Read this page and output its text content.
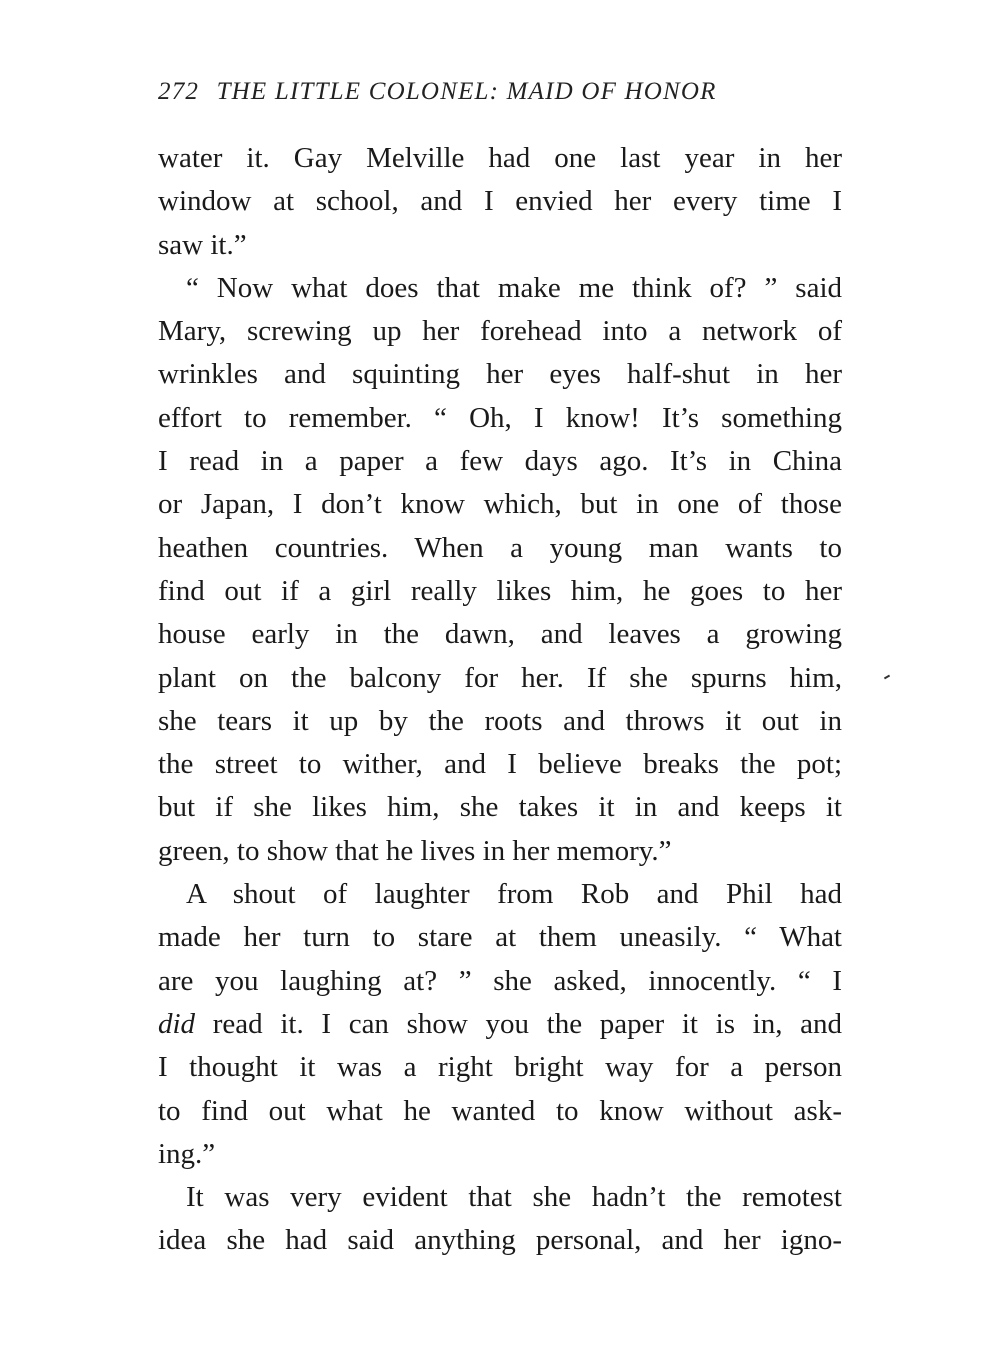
272 THE LITTLE COLONEL: MAID OF HONOR
water it. Gay Melville had one last year in her
window at school, and I envied her every time I
saw it.”
“ Now what does that make me think of? ” said
Mary, screwing up her forehead into a network of
wrinkles and squinting her eyes half-shut in her
effort to remember. “ Oh, I know! It’s something
I read in a paper a few days ago. It’s in China
or Japan, I don’t know which, but in one of those
heathen countries. When a young man wants to
find out if a girl really likes him, he goes to her
house early in the dawn, and leaves a growing
plant on the balcony for her. If she spurns him,
she tears it up by the roots and throws it out in
the street to wither, and I believe breaks the pot;
but if she likes him, she takes it in and keeps it
green, to show that he lives in her memory.”
A shout of laughter from Rob and Phil had
made her turn to stare at them uneasily. “ What
are you laughing at? ” she asked, innocently. “ I
did read it. I can show you the paper it is in, and
I thought it was a right bright way for a person
to find out what he wanted to know without ask-
ing.”
It was very evident that she hadn’t the remotest
idea she had said anything personal, and her igno-
